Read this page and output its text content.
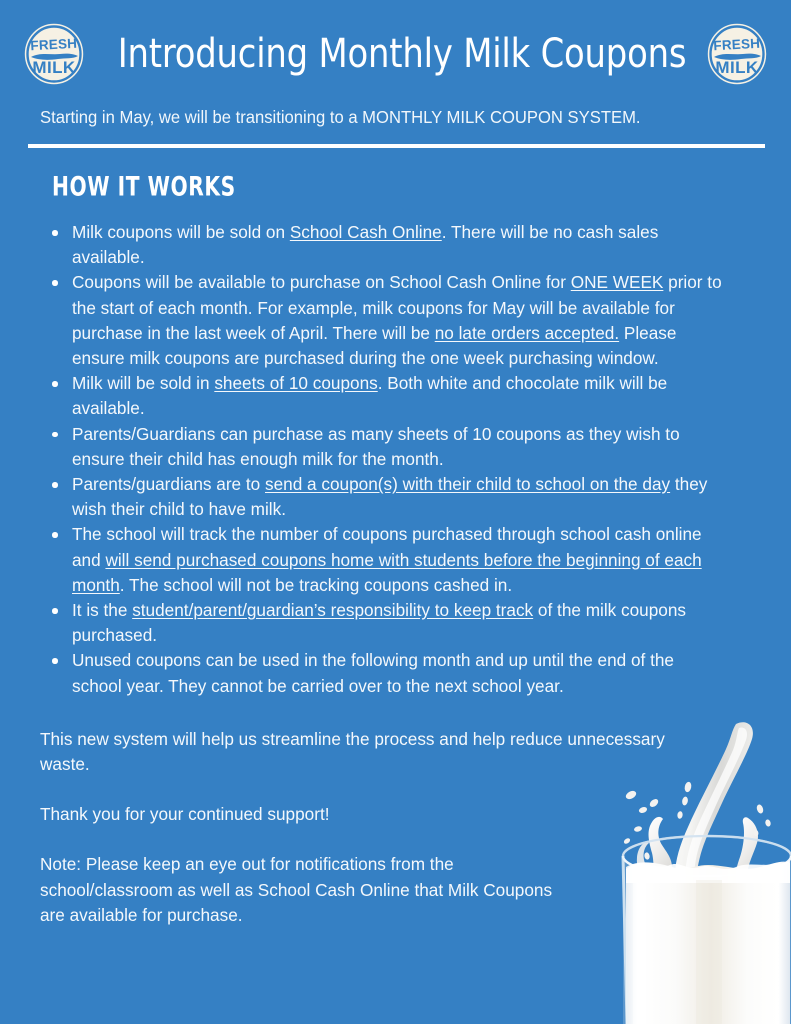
FRESH
MILK Introducing Monthly Milk Coupons FRESH
MILK
Starting in May, we will be transitioning to a MONTHLY MILK COUPON SYSTEM.
HOW IT WORKS
Milk coupons will be sold on School Cash Online. There will be no cash sales available.
Coupons will be available to purchase on School Cash Online for ONE WEEK prior to the start of each month. For example, milk coupons for May will be available for purchase in the last week of April. There will be no late orders accepted. Please ensure milk coupons are purchased during the one week purchasing window.
Milk will be sold in sheets of 10 coupons. Both white and chocolate milk will be available.
Parents/Guardians can purchase as many sheets of 10 coupons as they wish to ensure their child has enough milk for the month.
Parents/guardians are to send a coupon(s) with their child to school on the day they wish their child to have milk.
The school will track the number of coupons purchased through school cash online and will send purchased coupons home with students before the beginning of each month. The school will not be tracking coupons cashed in.
It is the student/parent/guardian’s responsibility to keep track of the milk coupons purchased.
Unused coupons can be used in the following month and up until the end of the school year. They cannot be carried over to the next school year.

This new system will help us streamline the process and help reduce unnecessary waste.

Thank you for your continued support!

Note: Please keep an eye out for notifications from the school/classroom as well as School Cash Online that Milk Coupons are available for purchase.
